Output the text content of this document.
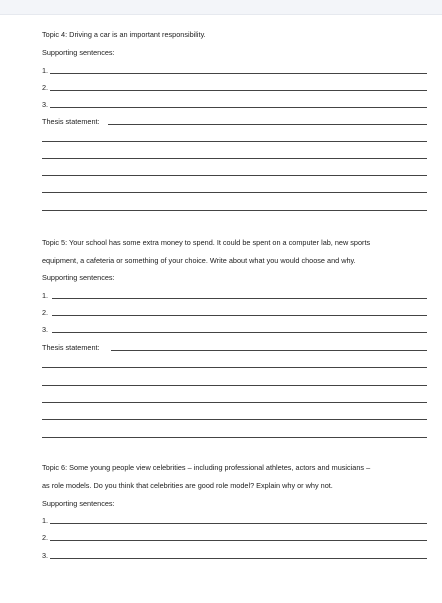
Topic 4: Driving a car is an important responsibility.
Supporting sentences:
1.
2.
3.
Thesis statement:
Topic 5: Your school has some extra money to spend. It could be spent on a computer lab, new sports
equipment, a cafeteria or something of your choice. Write about what you would choose and why.
Supporting sentences:
1.
2.
3.
Thesis statement:
Topic 6: Some young people view celebrities – including professional athletes, actors and musicians –
as role models. Do you think that celebrities are good role model? Explain why or why not.
Supporting sentences:
1.
2.
3.
